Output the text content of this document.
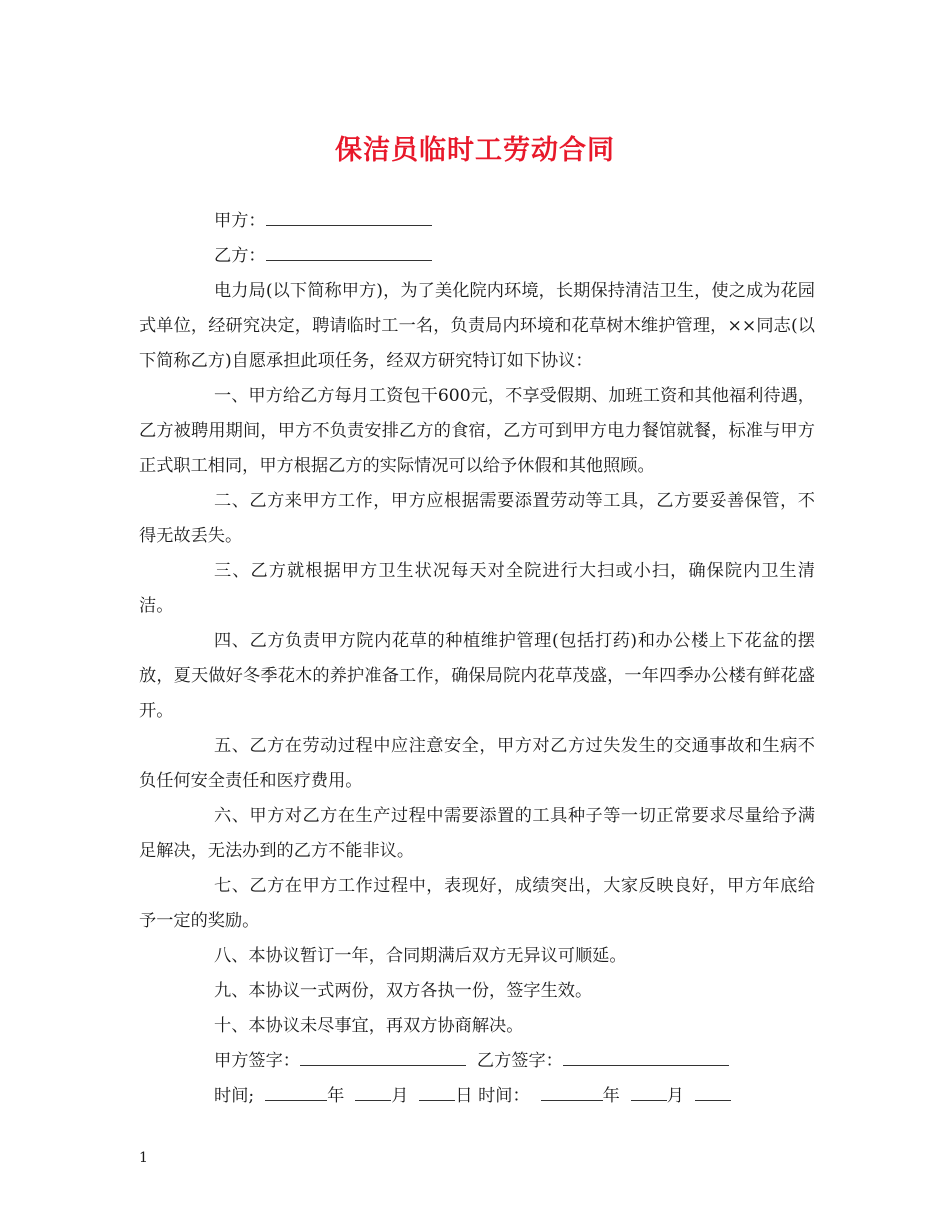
保洁员临时工劳动合同

甲方：

乙方：

电力局(以下简称甲方)，为了美化院内环境，长期保持清洁卫生，使之成为花园式单位，经研究决定，聘请临时工一名，负责局内环境和花草树木维护管理，××同志(以下简称乙方)自愿承担此项任务，经双方研究特订如下协议：

一、甲方给乙方每月工资包干600元，不享受假期、加班工资和其他福利待遇，乙方被聘用期间，甲方不负责安排乙方的食宿，乙方可到甲方电力餐馆就餐，标准与甲方正式职工相同，甲方根据乙方的实际情况可以给予休假和其他照顾。

二、乙方来甲方工作，甲方应根据需要添置劳动等工具，乙方要妥善保管，不得无故丢失。

三、乙方就根据甲方卫生状况每天对全院进行大扫或小扫，确保院内卫生清洁。

四、乙方负责甲方院内花草的种植维护管理(包括打药)和办公楼上下花盆的摆放，夏天做好冬季花木的养护准备工作，确保局院内花草茂盛，一年四季办公楼有鲜花盛开。

五、乙方在劳动过程中应注意安全，甲方对乙方过失发生的交通事故和生病不负任何安全责任和医疗费用。

六、甲方对乙方在生产过程中需要添置的工具种子等一切正常要求尽量给予满足解决，无法办到的乙方不能非议。

七、乙方在甲方工作过程中，表现好，成绩突出，大家反映良好，甲方年底给予一定的奖励。

八、本协议暂订一年，合同期满后双方无异议可顺延。

九、本协议一式两份，双方各执一份，签字生效。

十、本协议未尽事宜，再双方协商解决。

甲方签字：	乙方签字：

时间;	年	月	日 时间：	年	月

1
